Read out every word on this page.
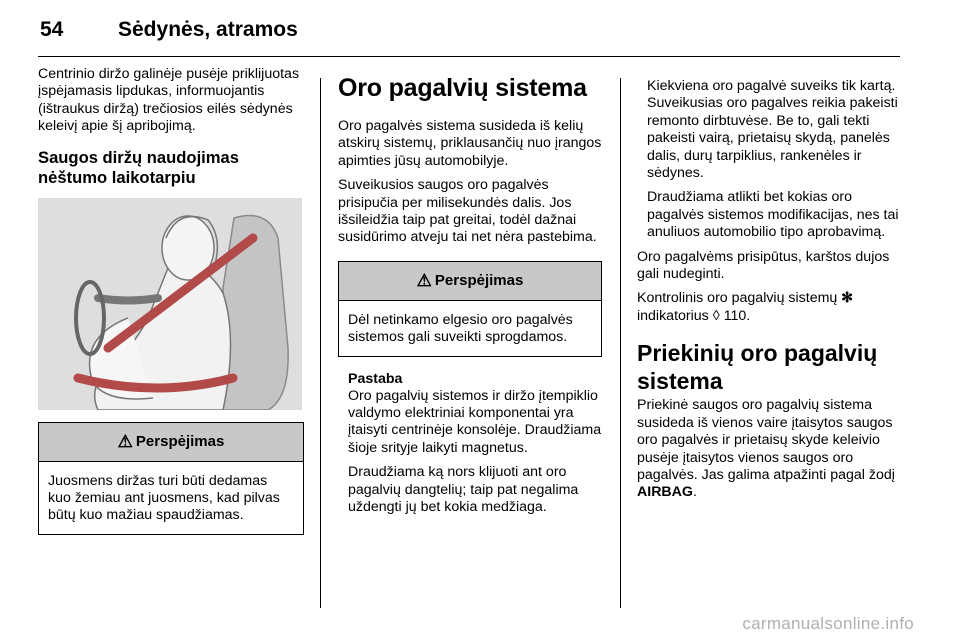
54	Sėdynės, atramos

Centrinio diržo galinėje pusėje priklijuotas įspėjamasis lipdukas, informuojantis (ištraukus diržą) trečiosios eilės sėdynės keleivį apie šį apribojimą.

Saugos diržų naudojimas nėštumo laikotarpiu
⚠ Perspėjimas

Juosmens diržas turi būti dedamas kuo žemiau ant juosmens, kad pilvas būtų kuo mažiau spaudžiamas.

Oro pagalvių sistema

Oro pagalvės sistema susideda iš kelių atskirų sistemų, priklausančių nuo įrangos apimties jūsų automobilyje.

Suveikusios saugos oro pagalvės prisipučia per milisekundės dalis. Jos išsileidžia taip pat greitai, todėl dažnai susidūrimo atveju tai net nėra pastebima.

⚠ Perspėjimas

Dėl netinkamo elgesio oro pagalvės sistemos gali suveikti sprogdamos.

Pastaba

Oro pagalvių sistemos ir diržo įtempiklio valdymo elektriniai komponentai yra įtaisyti centrinėje konsolėje. Draudžiama šioje srityje laikyti magnetus.

Draudžiama ką nors klijuoti ant oro pagalvių dangtelių; taip pat negalima uždengti jų bet kokia medžiaga.

Kiekviena oro pagalvė suveiks tik kartą. Suveikusias oro pagalves reikia pakeisti remonto dirbtuvėse. Be to, gali tekti pakeisti vairą, prietaisų skydą, panelės dalis, durų tarpiklius, rankenėles ir sėdynes.

Draudžiama atlikti bet kokias oro pagalvės sistemos modifikacijas, nes tai anuliuos automobilio tipo aprobavimą.

Oro pagalvėms prisipūtus, karštos dujos gali nudeginti.

Kontrolinis oro pagalvių sistemų ✻ indikatorius ◊ 110.

Priekinių oro pagalvių sistema

Priekinė saugos oro pagalvių sistema susideda iš vienos vaire įtaisytos saugos oro pagalvės ir prietaisų skyde keleivio pusėje įtaisytos vienos saugos oro pagalvės. Jas galima atpažinti pagal žodį AIRBAG.

carmanualsonline.info
